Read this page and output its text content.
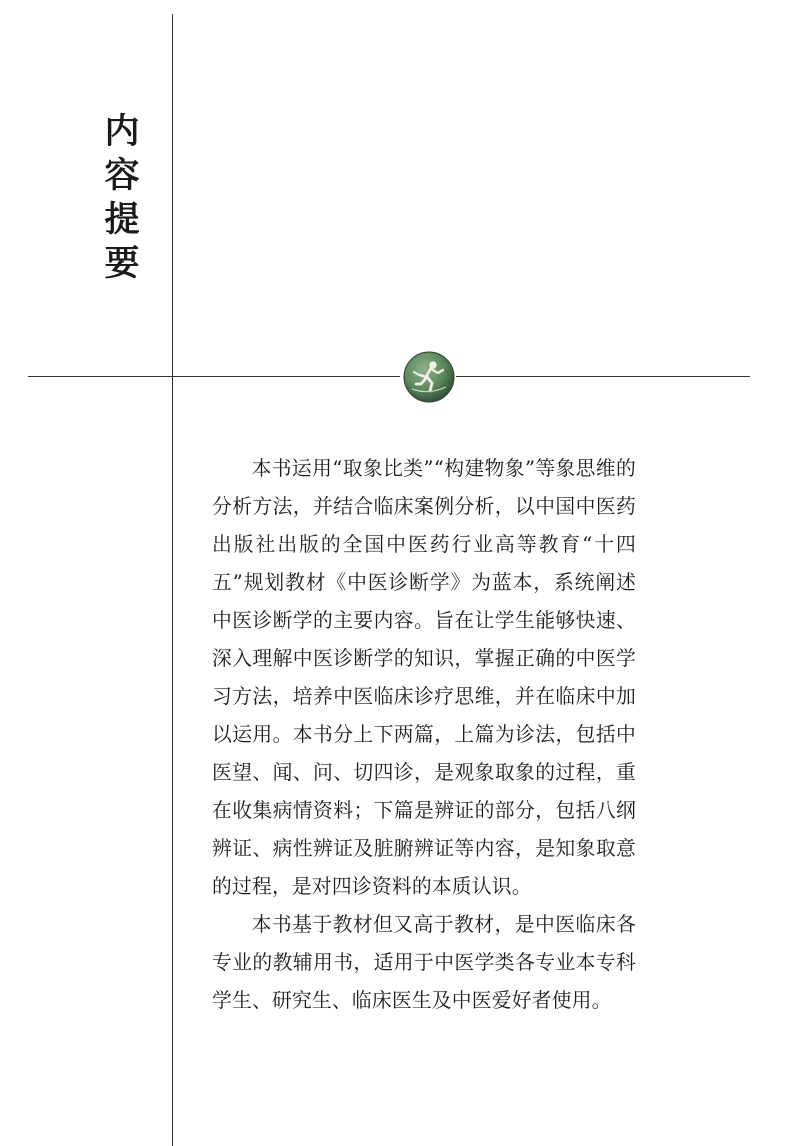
内
容
提
要

本书运用“取象比类”“构建物象”等象思维的分析方法，并结合临床案例分析，以中国中医药出版社出版的全国中医药行业高等教育“十四五”规划教材《中医诊断学》为蓝本，系统阐述中医诊断学的主要内容。旨在让学生能够快速、深入理解中医诊断学的知识，掌握正确的中医学习方法，培养中医临床诊疗思维，并在临床中加以运用。本书分上下两篇，上篇为诊法，包括中医望、闻、问、切四诊，是观象取象的过程，重在收集病情资料；下篇是辨证的部分，包括八纲辨证、病性辨证及脏腑辨证等内容，是知象取意的过程，是对四诊资料的本质认识。

本书基于教材但又高于教材，是中医临床各专业的教辅用书，适用于中医学类各专业本专科学生、研究生、临床医生及中医爱好者使用。
